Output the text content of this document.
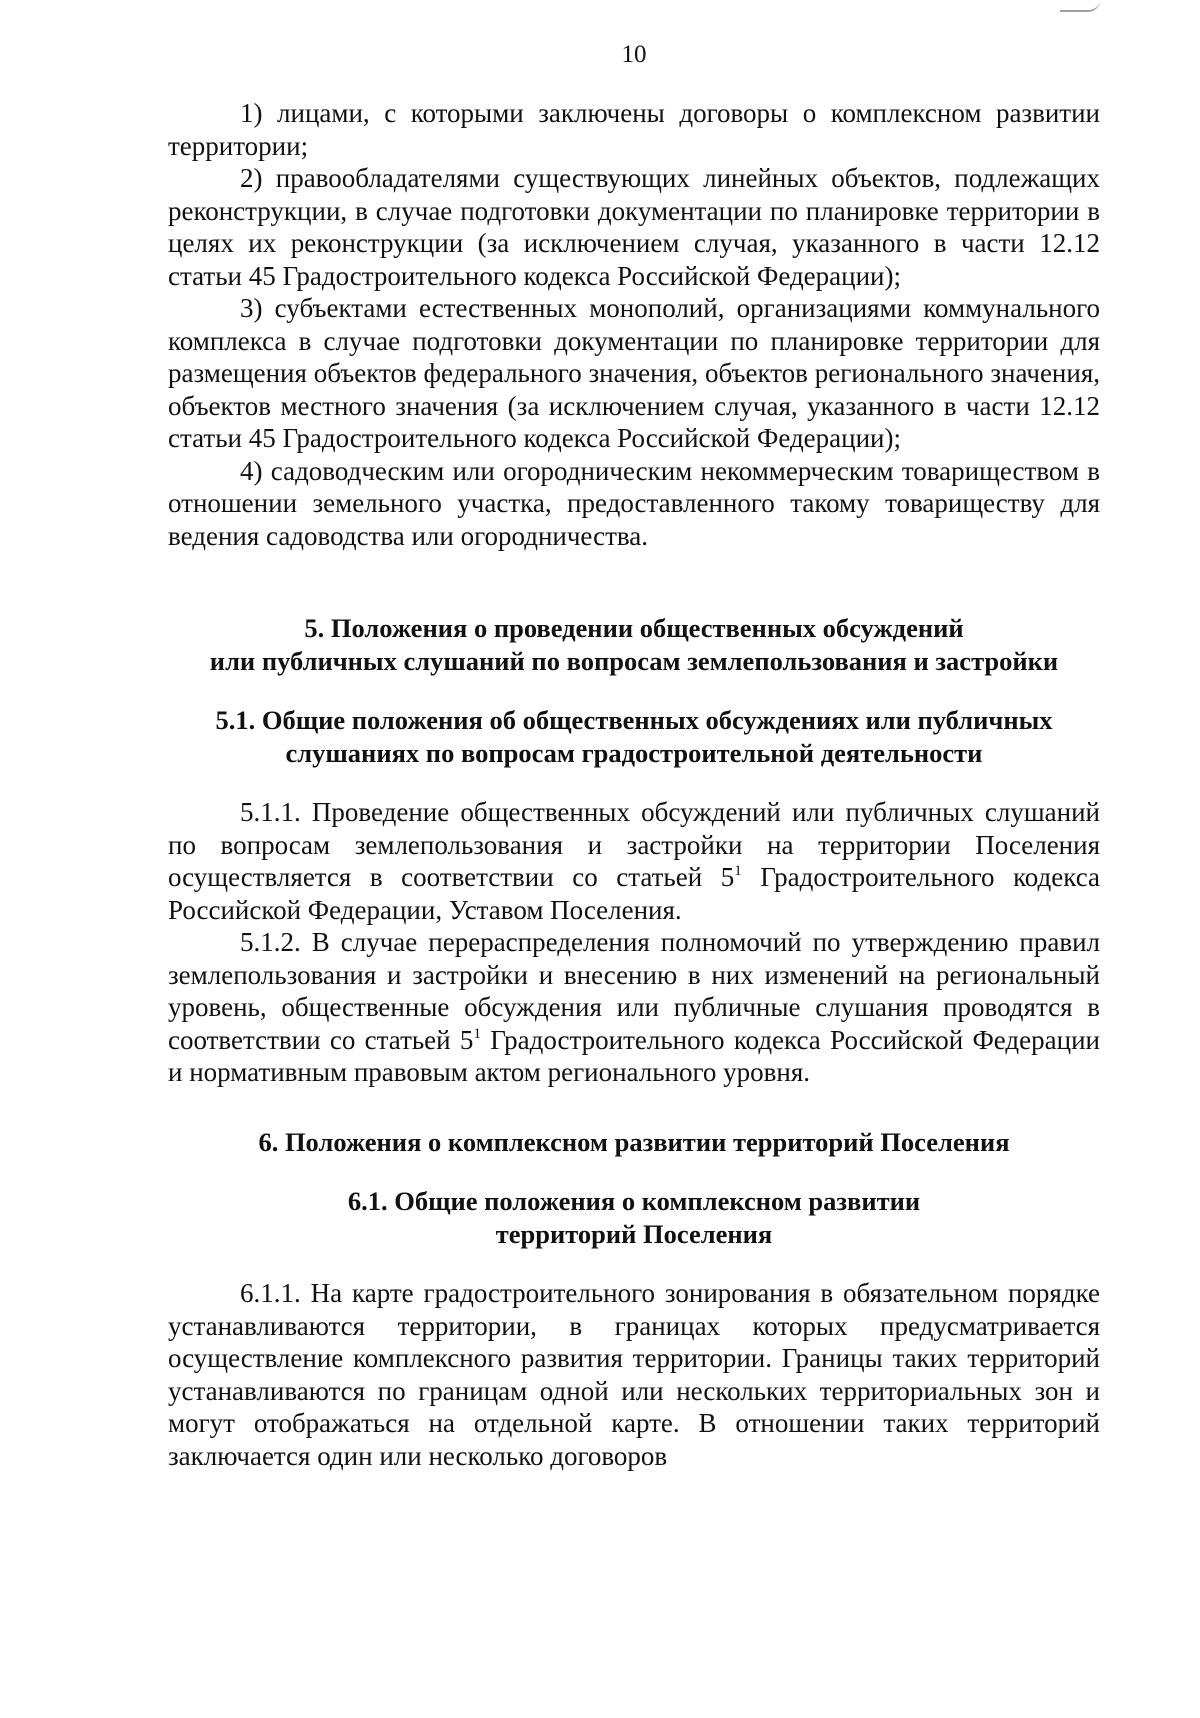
10

1) лицами, с которыми заключены договоры о комплексном развитии территории;

2) правообладателями существующих линейных объектов, подлежащих реконструкции, в случае подготовки документации по планировке территории в целях их реконструкции (за исключением случая, указанного в части 12.12 статьи 45 Градостроительного кодекса Российской Федерации);

3) субъектами естественных монополий, организациями коммунального комплекса в случае подготовки документации по планировке территории для размещения объектов федерального значения, объектов регионального значения, объектов местного значения (за исключением случая, указанного в части 12.12 статьи 45 Градостроительного кодекса Российской Федерации);

4) садоводческим или огородническим некоммерческим товариществом в отношении земельного участка, предоставленного такому товариществу для ведения садоводства или огородничества.

5. Положения о проведении общественных обсуждений
или публичных слушаний по вопросам землепользования и застройки
5.1. Общие положения об общественных обсуждениях или публичных
слушаниях по вопросам градостроительной деятельности

5.1.1. Проведение общественных обсуждений или публичных слушаний по вопросам землепользования и застройки на территории Поселения осуществляется в соответствии со статьей $5^1$ Градостроительного кодекса Российской Федерации, Уставом Поселения.

5.1.2. В случае перераспределения полномочий по утверждению правил землепользования и застройки и внесению в них изменений на региональный уровень, общественные обсуждения или публичные слушания проводятся в соответствии со статьей $5^1$ Градостроительного кодекса Российской Федерации и нормативным правовым актом регионального уровня.

6. Положения о комплексном развитии территорий Поселения
6.1. Общие положения о комплексном развитии
территорий Поселения

6.1.1. На карте градостроительного зонирования в обязательном порядке устанавливаются территории, в границах которых предусматривается осуществление комплексного развития территории. Границы таких территорий устанавливаются по границам одной или нескольких территориальных зон и могут отображаться на отдельной карте. В отношении таких территорий заключается один или несколько договоров
